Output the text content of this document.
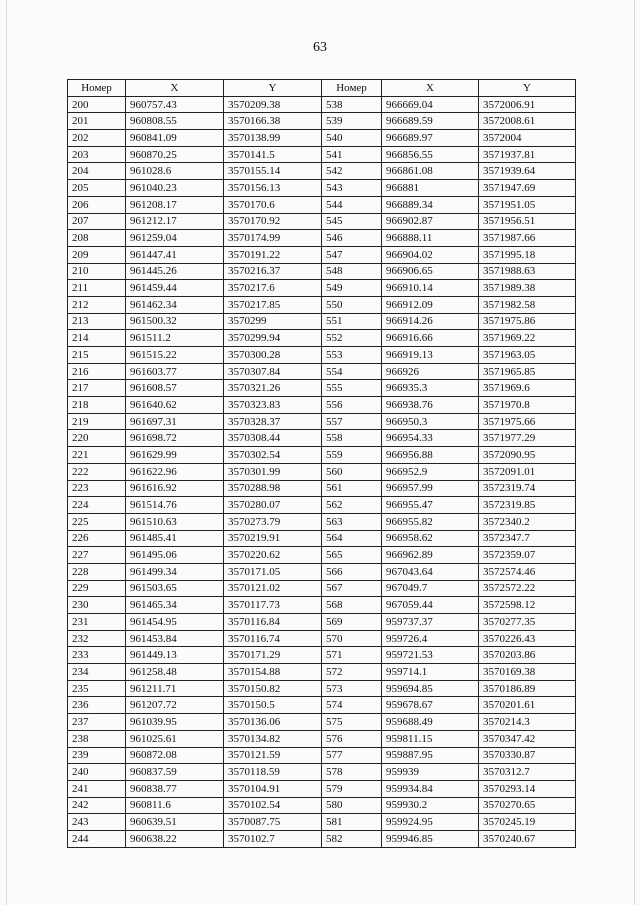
63
Номер	X	Y	Номер	X	Y
200	960757.43	3570209.38	538	966669.04	3572006.91
201	960808.55	3570166.38	539	966689.59	3572008.61
202	960841.09	3570138.99	540	966689.97	3572004
203	960870.25	3570141.5	541	966856.55	3571937.81
204	961028.6	3570155.14	542	966861.08	3571939.64
205	961040.23	3570156.13	543	966881	3571947.69
206	961208.17	3570170.6	544	966889.34	3571951.05
207	961212.17	3570170.92	545	966902.87	3571956.51
208	961259.04	3570174.99	546	966888.11	3571987.66
209	961447.41	3570191.22	547	966904.02	3571995.18
210	961445.26	3570216.37	548	966906.65	3571988.63
211	961459.44	3570217.6	549	966910.14	3571989.38
212	961462.34	3570217.85	550	966912.09	3571982.58
213	961500.32	3570299	551	966914.26	3571975.86
214	961511.2	3570299.94	552	966916.66	3571969.22
215	961515.22	3570300.28	553	966919.13	3571963.05
216	961603.77	3570307.84	554	966926	3571965.85
217	961608.57	3570321.26	555	966935.3	3571969.6
218	961640.62	3570323.83	556	966938.76	3571970.8
219	961697.31	3570328.37	557	966950.3	3571975.66
220	961698.72	3570308.44	558	966954.33	3571977.29
221	961629.99	3570302.54	559	966956.88	3572090.95
222	961622.96	3570301.99	560	966952.9	3572091.01
223	961616.92	3570288.98	561	966957.99	3572319.74
224	961514.76	3570280.07	562	966955.47	3572319.85
225	961510.63	3570273.79	563	966955.82	3572340.2
226	961485.41	3570219.91	564	966958.62	3572347.7
227	961495.06	3570220.62	565	966962.89	3572359.07
228	961499.34	3570171.05	566	967043.64	3572574.46
229	961503.65	3570121.02	567	967049.7	3572572.22
230	961465.34	3570117.73	568	967059.44	3572598.12
231	961454.95	3570116.84	569	959737.37	3570277.35
232	961453.84	3570116.74	570	959726.4	3570226.43
233	961449.13	3570171.29	571	959721.53	3570203.86
234	961258.48	3570154.88	572	959714.1	3570169.38
235	961211.71	3570150.82	573	959694.85	3570186.89
236	961207.72	3570150.5	574	959678.67	3570201.61
237	961039.95	3570136.06	575	959688.49	3570214.3
238	961025.61	3570134.82	576	959811.15	3570347.42
239	960872.08	3570121.59	577	959887.95	3570330.87
240	960837.59	3570118.59	578	959939	3570312.7
241	960838.77	3570104.91	579	959934.84	3570293.14
242	960811.6	3570102.54	580	959930.2	3570270.65
243	960639.51	3570087.75	581	959924.95	3570245.19
244	960638.22	3570102.7	582	959946.85	3570240.67
